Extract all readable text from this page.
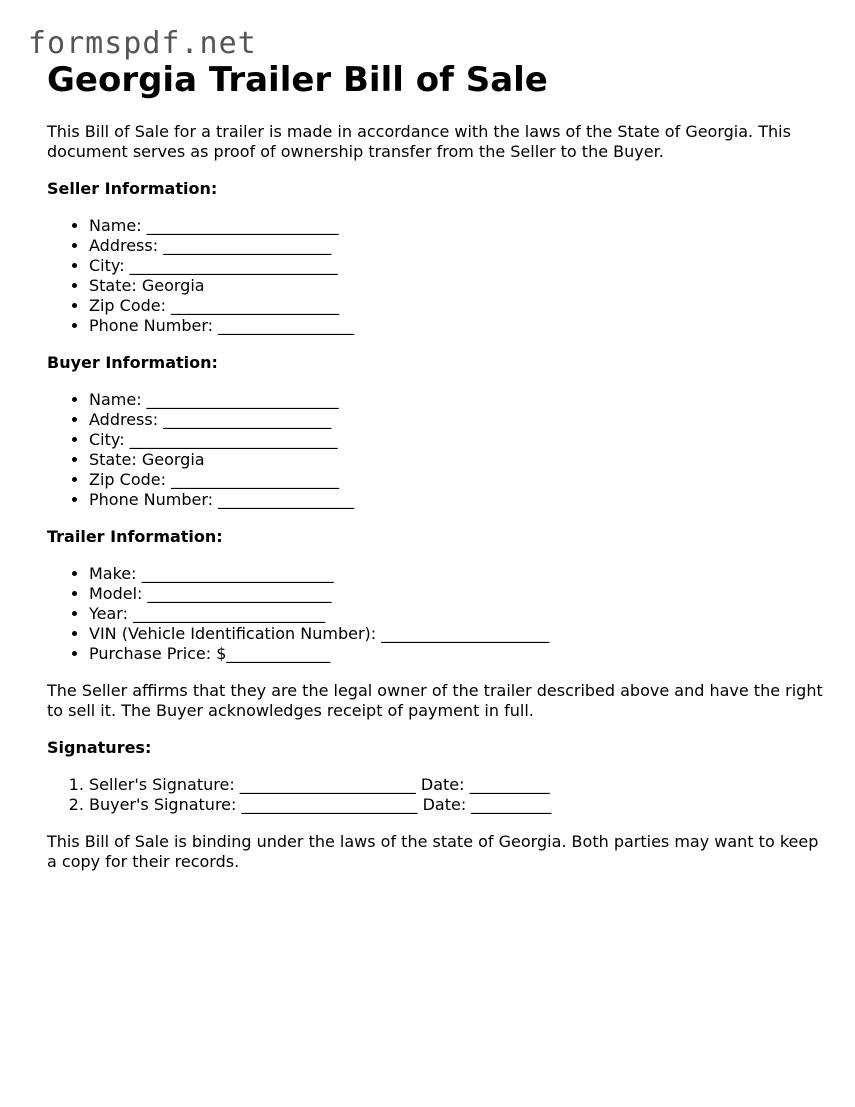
formspdf.net
Georgia Trailer Bill of Sale

This Bill of Sale for a trailer is made in accordance with the laws of the State of Georgia. This document serves as proof of ownership transfer from the Seller to the Buyer.

Seller Information:
• Name: ________________________
• Address: _____________________
• City: __________________________
• State: Georgia
• Zip Code: _____________________
• Phone Number: _________________
Buyer Information:
• Name: ________________________
• Address: _____________________
• City: __________________________
• State: Georgia
• Zip Code: _____________________
• Phone Number: _________________
Trailer Information:
• Make: ________________________
• Model: _______________________
• Year: ________________________
• VIN (Vehicle Identification Number): _____________________
• Purchase Price: $_____________

The Seller affirms that they are the legal owner of the trailer described above and have the right to sell it. The Buyer acknowledges receipt of payment in full.

Signatures:
1. Seller's Signature: ______________________ Date: __________
2. Buyer's Signature: ______________________ Date: __________

This Bill of Sale is binding under the laws of the state of Georgia. Both parties may want to keep a copy for their records.
